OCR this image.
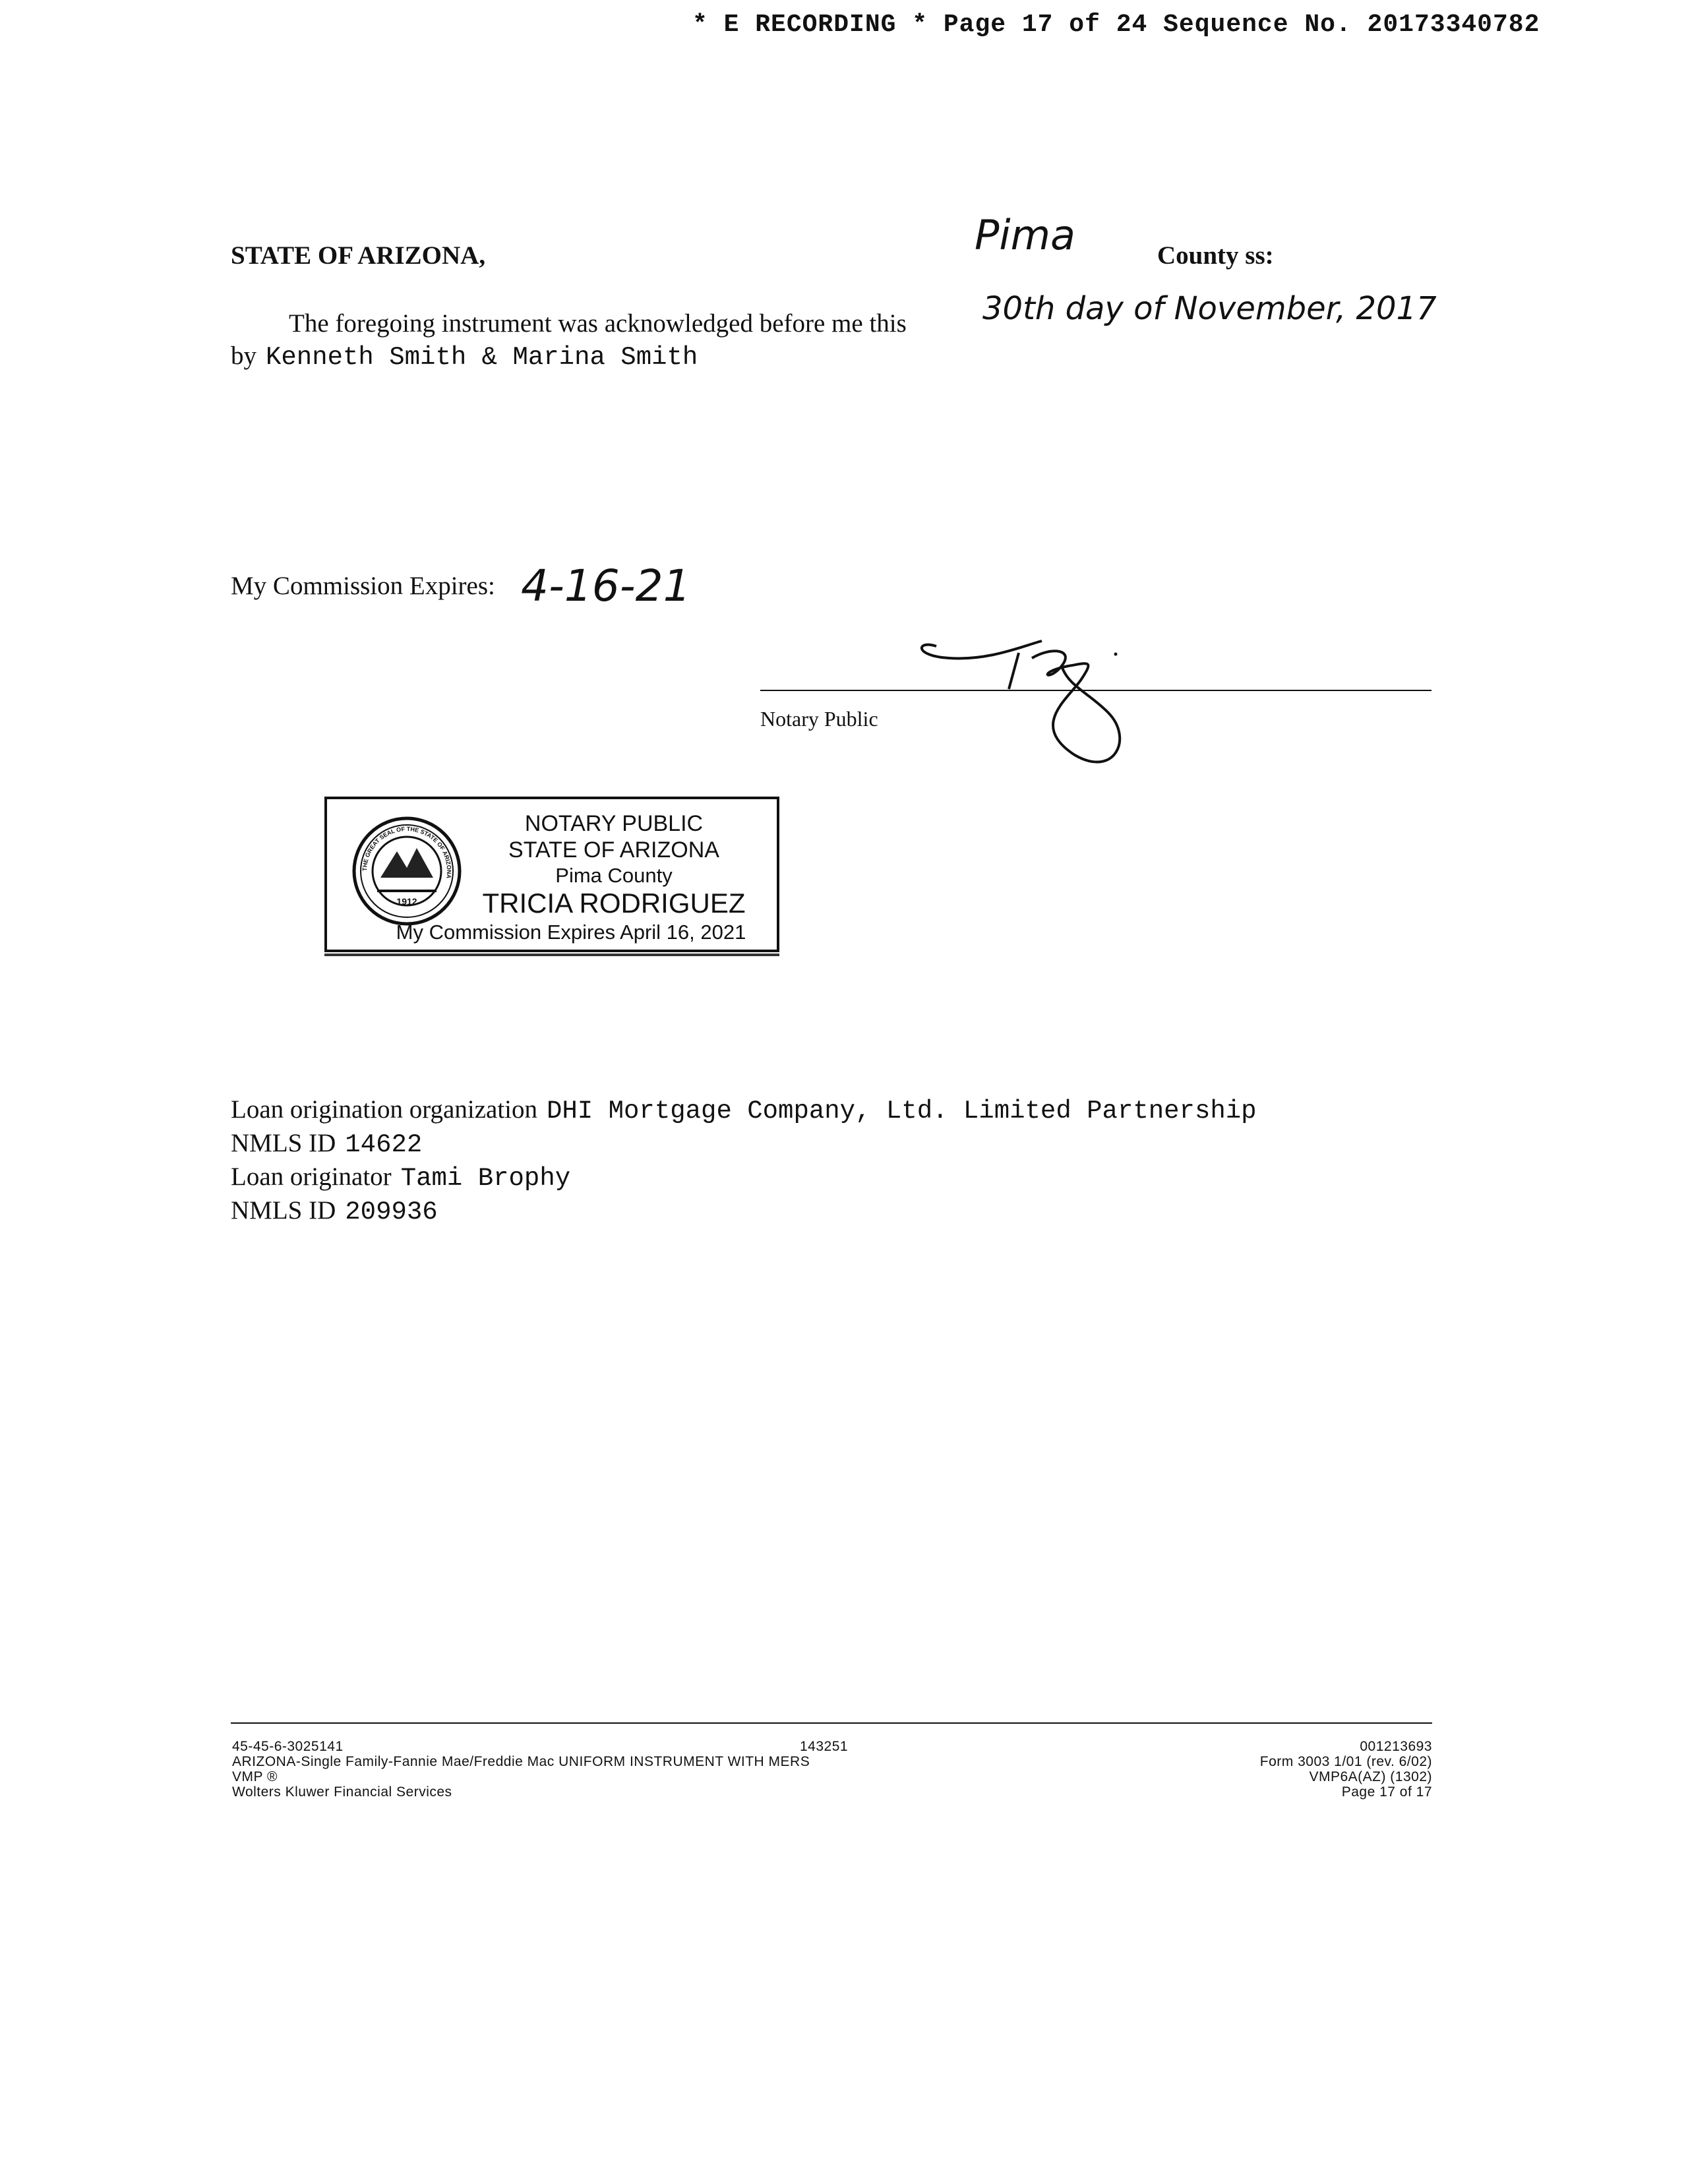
* E RECORDING * Page 17 of 24 Sequence No. 20173340782
STATE OF ARIZONA,	Pima	County ss:
The foregoing instrument was acknowledged before me this 30th day of November, 2017
by Kenneth Smith & Marina Smith
My Commission Expires: 4-16-21
Notary Public
THE GREAT SEAL OF THE STATE OF ARIZONA
1912
NOTARY PUBLIC
STATE OF ARIZONA
Pima County
TRICIA RODRIGUEZ
My Commission Expires April 16, 2021
Loan origination organization DHI Mortgage Company, Ltd. Limited Partnership
NMLS ID 14622
Loan originator Tami Brophy
NMLS ID 209936
45-45-6-3025141	143251
ARIZONA-Single Family-Fannie Mae/Freddie Mac UNIFORM INSTRUMENT WITH MERS
VMP ®
Wolters Kluwer Financial Services
001213693
Form 3003 1/01 (rev. 6/02)
VMP6A(AZ) (1302)
Page 17 of 17
